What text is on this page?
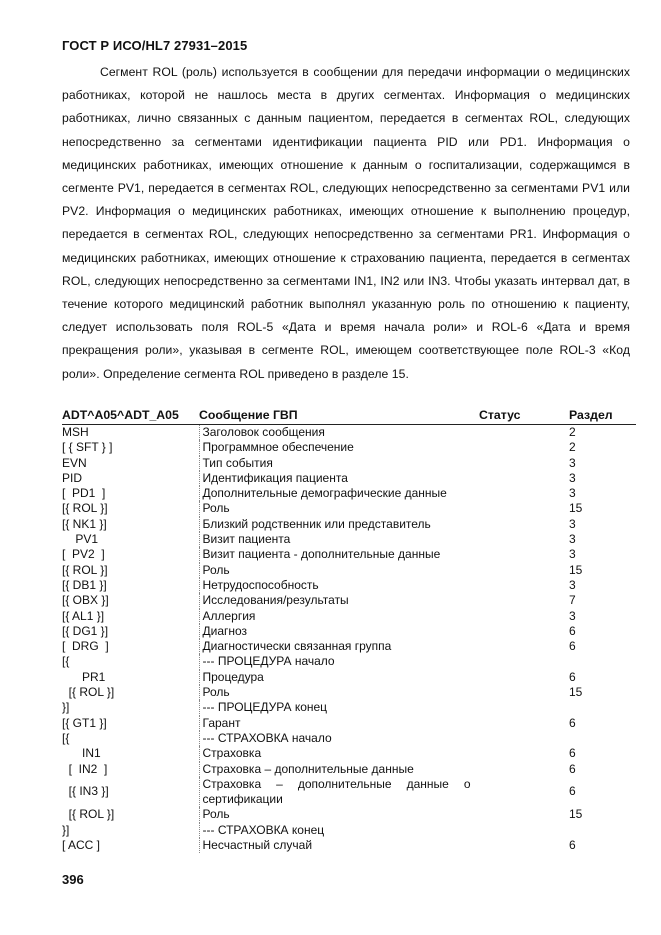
ГОСТ Р ИСО/HL7 27931–2015

Сегмент ROL (роль) используется в сообщении для передачи информации о медицинских работниках, которой не нашлось места в других сегментах. Информация о медицинских работниках, лично связанных с данным пациентом, передается в сегментах ROL, следующих непосредственно за сегментами идентификации пациента PID или PD1. Информация о медицинских работниках, имеющих отношение к данным о госпитализации, содержащимся в сегменте PV1, передается в сегментах ROL, следующих непосредственно за сегментами PV1 или PV2. Информация о медицинских работниках, имеющих отношение к выполнению процедур, передается в сегментах ROL, следующих непосредственно за сегментами PR1. Информация о медицинских работниках, имеющих отношение к страхованию пациента, передается в сегментах ROL, следующих непосредственно за сегментами IN1, IN2 или IN3. Чтобы указать интервал дат, в течение которого медицинский работник выполнял указанную роль по отношению к пациенту, следует использовать поля ROL-5 «Дата и время начала роли» и ROL-6 «Дата и время прекращения роли», указывая в сегменте ROL, имеющем соответствующее поле ROL-3 «Код роли». Определение сегмента ROL приведено в разделе 15.

ADT^A05^ADT_A05	Сообщение ГВП	Статус	Раздел
MSH	Заголовок сообщения		2
[ { SFT } ]	Программное обеспечение		2
EVN	Тип события		3
PID	Идентификация пациента		3
[  PD1  ]	Дополнительные демографические данные		3
[{ ROL }]	Роль		15
[{ NK1 }]	Близкий родственник или представитель		3
PV1	Визит пациента		3
[  PV2  ]	Визит пациента - дополнительные данные		3
[{ ROL }]	Роль		15
[{ DB1 }]	Нетрудоспособность		3
[{ OBX }]	Исследования/результаты		7
[{ AL1 }]	Аллергия		3
[{ DG1 }]	Диагноз		6
[  DRG  ]	Диагностически связанная группа		6
[{	--- ПРОЦЕДУРА начало		

PR1	Процедура		6
[{ ROL }]	Роль		15
}]	--- ПРОЦЕДУРА конец		

[{ GT1 }]	Гарант		6
[{	--- СТРАХОВКА начало		

IN1	Страховка		6
[  IN2  ]	Страховка – дополнительные данные		6
[{ IN3 }]	Страховка – дополнительные данные о сертификации		6
[{ ROL }]	Роль		15
}]	--- СТРАХОВКА конец		

[ ACC ]	Несчастный случай		6
396
